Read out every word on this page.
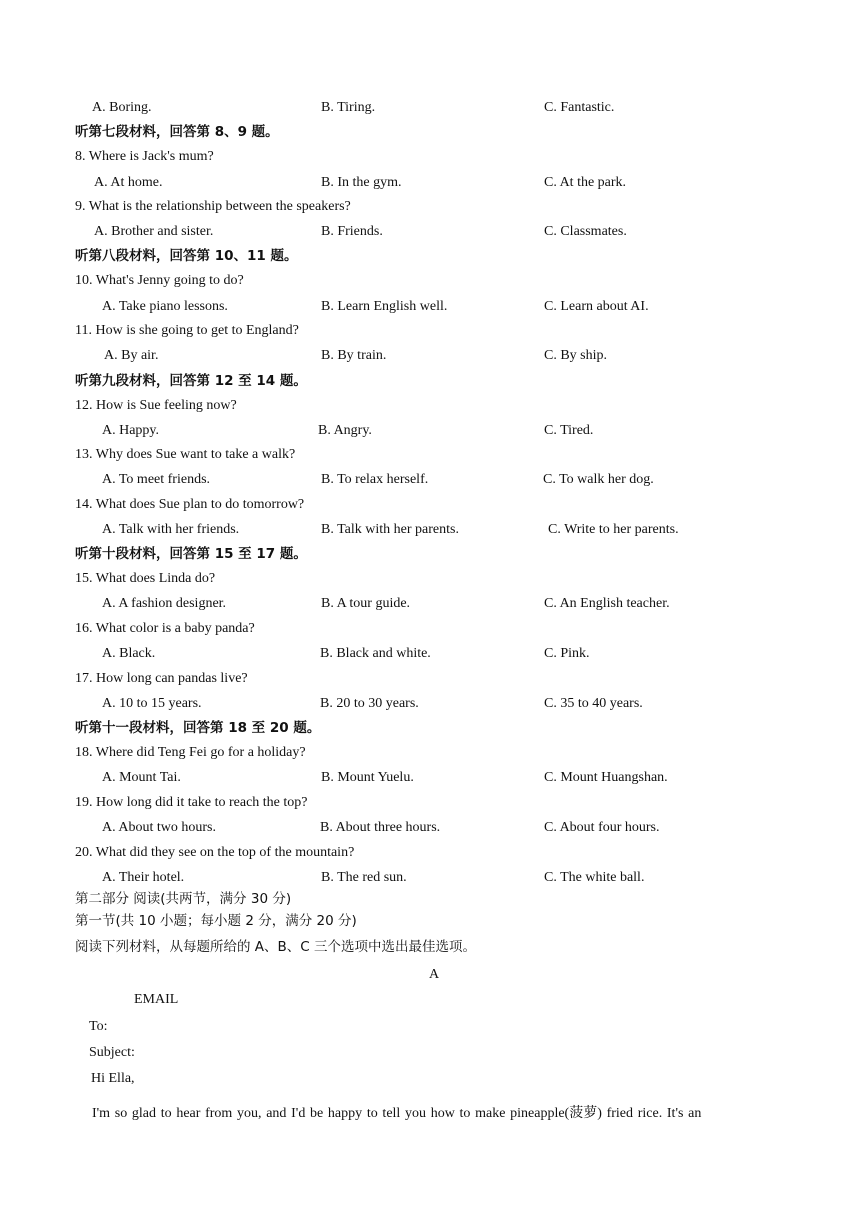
A. Boring.	B. Tiring.	C. Fantastic.
听第七段材料，回答第 8、9 题。
8. Where is Jack's mum?
A. At home.	B. In the gym.	C. At the park.
9. What is the relationship between the speakers?
A. Brother and sister.	B. Friends.	C. Classmates.
听第八段材料，回答第 10、11 题。
10. What's Jenny going to do?
A. Take piano lessons.	B. Learn English well.	C. Learn about AI.
11. How is she going to get to England?
A. By air.	B. By train.	C. By ship.
听第九段材料，回答第 12 至 14 题。
12. How is Sue feeling now?
A. Happy.	B. Angry.	C. Tired.
13. Why does Sue want to take a walk?
A. To meet friends.	B. To relax herself.	C. To walk her dog.
14. What does Sue plan to do tomorrow?
A. Talk with her friends.	B. Talk with her parents.	C. Write to her parents.
听第十段材料，回答第 15 至 17 题。
15. What does Linda do?
A. A fashion designer.	B. A tour guide.	C. An English teacher.
16. What color is a baby panda?
A. Black.	B. Black and white.	C. Pink.
17. How long can pandas live?
A. 10 to 15 years.	B. 20 to 30 years.	C. 35 to 40 years.
听第十一段材料，回答第 18 至 20 题。
18. Where did Teng Fei go for a holiday?
A. Mount Tai.	B. Mount Yuelu.	C. Mount Huangshan.
19. How long did it take to reach the top?
A. About two hours.	B. About three hours.	C. About four hours.
20. What did they see on the top of the mountain?
A. Their hotel.	B. The red sun.	C. The white ball.
第二部分 阅读(共两节，满分 30 分)
第一节(共 10 小题；每小题 2 分，满分 20 分)
阅读下列材料，从每题所给的 A、B、C 三个选项中选出最佳选项。
A
EMAIL
To:
Subject:
Hi Ella,
I'm so glad to hear from you, and I'd be happy to tell you how to make pineapple(菠萝) fried rice. It's an
